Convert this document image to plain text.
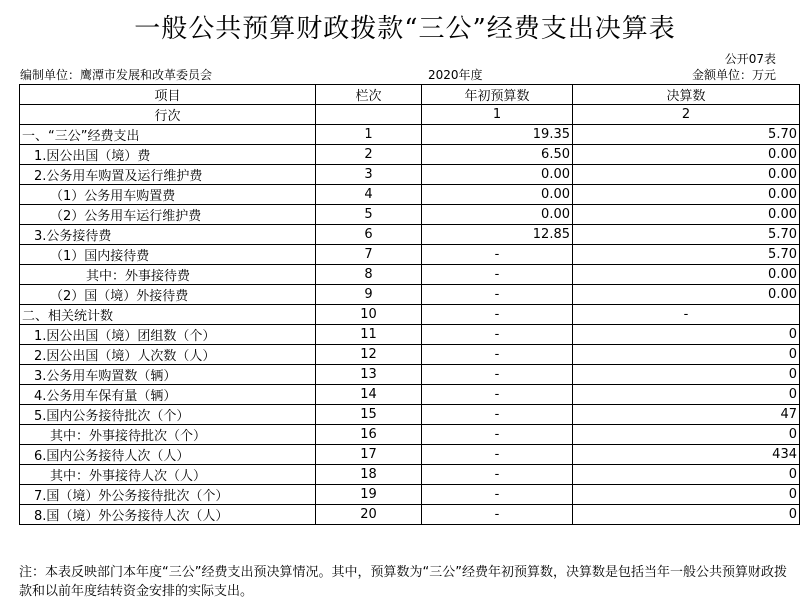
一般公共预算财政拨款“三公”经费支出决算表
公开07表
编制单位：鹰潭市发展和改革委员会	2020年度	金额单位：万元
项目	栏次	年初预算数	决算数
行次		1	2
一、“三公”经费支出	1	19.35	5.70
1.因公出国（境）费	2	6.50	0.00
2.公务用车购置及运行维护费	3	0.00	0.00
（1）公务用车购置费	4	0.00	0.00
（2）公务用车运行维护费	5	0.00	0.00
3.公务接待费	6	12.85	5.70
（1）国内接待费	7	-	5.70
其中：外事接待费	8	-	0.00
（2）国（境）外接待费	9	-	0.00
二、相关统计数	10	-	-
1.因公出国（境）团组数（个）	11	-	0
2.因公出国（境）人次数（人）	12	-	0
3.公务用车购置数（辆）	13	-	0
4.公务用车保有量（辆）	14	-	0
5.国内公务接待批次（个）	15	-	47
其中：外事接待批次（个）	16	-	0
6.国内公务接待人次（人）	17	-	434
其中：外事接待人次（人）	18	-	0
7.国（境）外公务接待批次（个）	19	-	0
8.国（境）外公务接待人次（人）	20	-	0
注：本表反映部门本年度“三公”经费支出预决算情况。其中，预算数为“三公”经费年初预算数，决算数是包括当年一般公共预算财政拨款和以前年度结转资金安排的实际支出。
